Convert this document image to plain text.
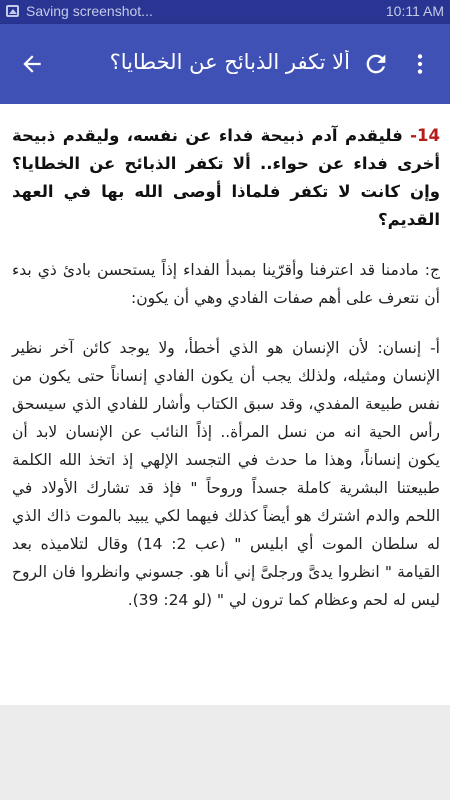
Saving screenshot...	10:11 AM
ألا تكفر الذبائح عن الخطايا؟

14- فليقدم آدم ذبيحة فداء عن نفسه، وليقدم ذبيحة أخرى فداء عن حواء.. ألا تكفر الذبائح عن الخطايا؟ وإن كانت لا تكفر فلماذا أوصى الله بها في العهد القديم؟

ج: مادمنا قد اعترفنا وأقرّينا بمبدأ الفداء إذاً يستحسن بادئ ذي بدء أن نتعرف على أهم صفات الفادي وهي أن يكون:

أ- إنسان: لأن الإنسان هو الذي أخطأ، ولا يوجد كائن آخر نظير الإنسان ومثيله، ولذلك يجب أن يكون الفادي إنساناً حتى يكون من نفس طبيعة المفدي، وقد سبق الكتاب وأشار للفادي الذي سيسحق رأس الحية انه من نسل المرأة.. إذاً النائب عن الإنسان لابد أن يكون إنساناً، وهذا ما حدث في التجسد الإلهي إذ اتخذ الله الكلمة طبيعتنا البشرية كاملة جسداً وروحاً " فإذ قد تشارك الأولاد في اللحم والدم اشترك هو أيضاً كذلك فيهما لكي يبيد بالموت ذاك الذي له سلطان الموت أي ابليس " (عب 2: 14) وقال لتلاميذه بعد القيامة " انظروا يدىَّ ورجلىَّ إني أنا هو. جسوني وانظروا فان الروح ليس له لحم وعظام كما ترون لي " (لو 24: 39).
